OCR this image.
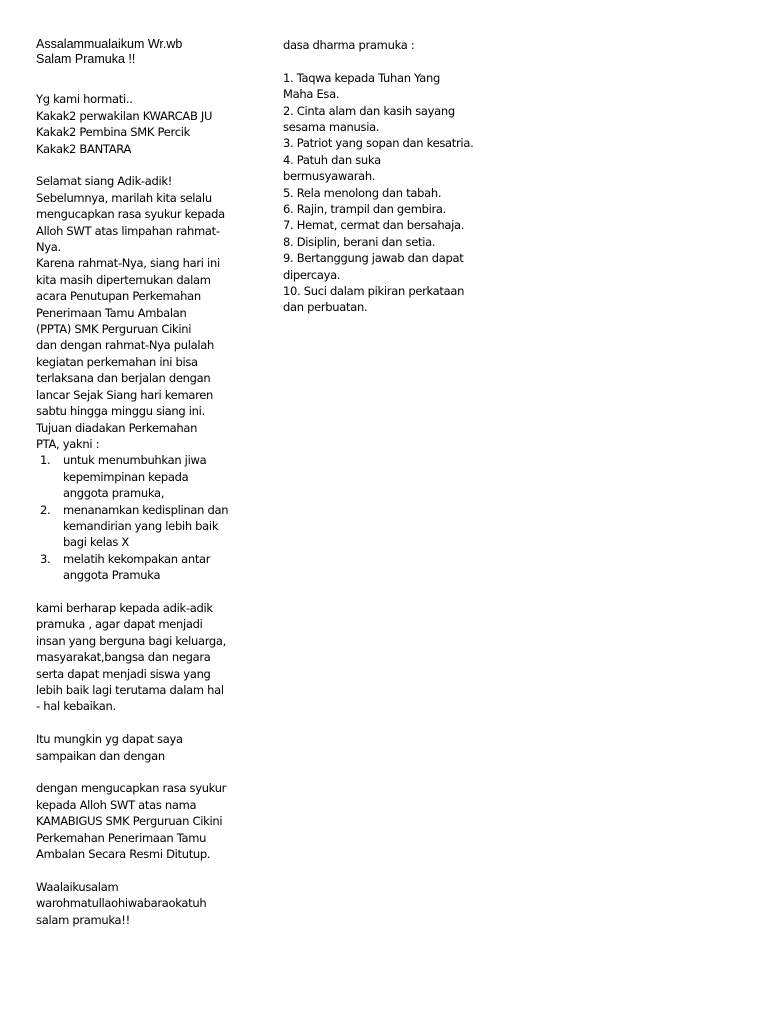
Assalammualaikum Wr.wb
Salam Pramuka !!
Yg kami hormati..
Kakak2 perwakilan KWARCAB JU
Kakak2 Pembina SMK Percik
Kakak2 BANTARA
Selamat siang Adik-adik!
Sebelumnya, marilah kita selalu
mengucapkan rasa syukur kepada
Alloh SWT atas limpahan rahmat-
Nya.
Karena rahmat-Nya, siang hari ini
kita masih dipertemukan dalam
acara Penutupan Perkemahan
Penerimaan Tamu Ambalan
(PPTA) SMK Perguruan Cikini
dan dengan rahmat-Nya pulalah
kegiatan perkemahan ini bisa
terlaksana dan berjalan dengan
lancar Sejak Siang hari kemaren
sabtu hingga minggu siang ini.
Tujuan diadakan Perkemahan
PTA, yakni :
1. untuk menumbuhkan jiwa
kepemimpinan kepada
anggota pramuka,
2. menanamkan kedisplinan dan
kemandirian yang lebih baik
bagi kelas X
3. melatih kekompakan antar
anggota Pramuka
kami berharap kepada adik-adik
pramuka , agar dapat menjadi
insan yang berguna bagi keluarga,
masyarakat,bangsa dan negara
serta dapat menjadi siswa yang
lebih baik lagi terutama dalam hal
- hal kebaikan.
Itu mungkin yg dapat saya
sampaikan dan dengan
dengan mengucapkan rasa syukur
kepada Alloh SWT atas nama
KAMABIGUS SMK Perguruan Cikini
Perkemahan Penerimaan Tamu
Ambalan Secara Resmi Ditutup.
Waalaikusalam
warohmatullaohiwabaraokatuh
salam pramuka!!
dasa dharma pramuka :
1. Taqwa kepada Tuhan Yang
Maha Esa.
2. Cinta alam dan kasih sayang
sesama manusia.
3. Patriot yang sopan dan kesatria.
4. Patuh dan suka
bermusyawarah.
5. Rela menolong dan tabah.
6. Rajin, trampil dan gembira.
7. Hemat, cermat dan bersahaja.
8. Disiplin, berani dan setia.
9. Bertanggung jawab dan dapat
dipercaya.
10. Suci dalam pikiran perkataan
dan perbuatan.
